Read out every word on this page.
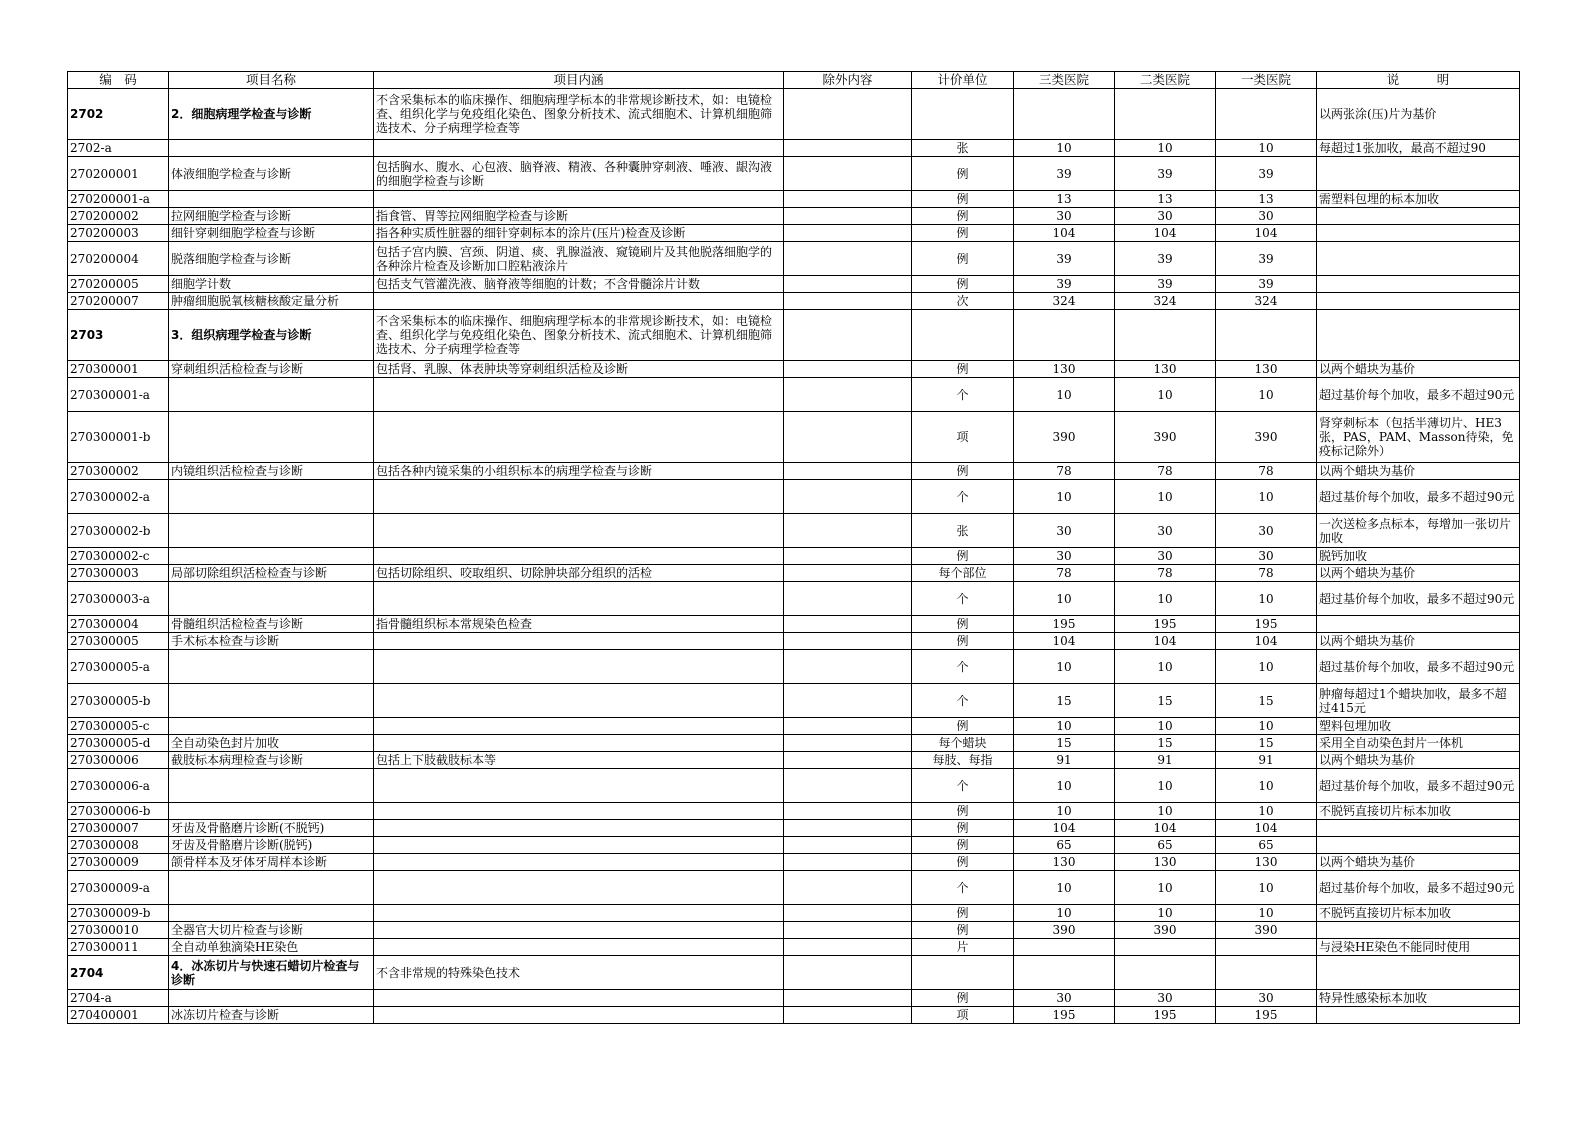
编　码	项目名称	项目内涵	除外内容	计价单位	三类医院	二类医院	一类医院	说　　　明
2702	2．细胞病理学检查与诊断	不含采集标本的临床操作、细胞病理学标本的非常规诊断技术，如：电镜检查、组织化学与免疫组化染色、图象分析技术、流式细胞术、计算机细胞筛选技术、分子病理学检查等						以两张涂(压)片为基价
2702-a				张	10	10	10	每超过1张加收，最高不超过90
270200001	体液细胞学检查与诊断	包括胸水、腹水、心包液、脑脊液、精液、各种囊肿穿刺液、唾液、龈沟液的细胞学检查与诊断		例	39	39	39	
270200001-a				例	13	13	13	需塑料包埋的标本加收
270200002	拉网细胞学检查与诊断	指食管、胃等拉网细胞学检查与诊断		例	30	30	30	
270200003	细针穿刺细胞学检查与诊断	指各种实质性脏器的细针穿刺标本的涂片(压片)检查及诊断		例	104	104	104	
270200004	脱落细胞学检查与诊断	包括子宫内膜、宫颈、阴道、痰、乳腺溢液、窥镜刷片及其他脱落细胞学的各种涂片检查及诊断加口腔粘液涂片		例	39	39	39	
270200005	细胞学计数	包括支气管灌洗液、脑脊液等细胞的计数；不含骨髓涂片计数		例	39	39	39	
270200007	肿瘤细胞脱氧核糖核酸定量分析			次	324	324	324	
2703	3．组织病理学检查与诊断	不含采集标本的临床操作、细胞病理学标本的非常规诊断技术，如：电镜检查、组织化学与免疫组化染色、图象分析技术、流式细胞术、计算机细胞筛选技术、分子病理学检查等						
270300001	穿刺组织活检检查与诊断	包括肾、乳腺、体表肿块等穿刺组织活检及诊断		例	130	130	130	以两个蜡块为基价
270300001-a				个	10	10	10	超过基价每个加收，最多不超过90元
270300001-b				项	390	390	390	肾穿刺标本（包括半薄切片、HE3张，PAS，PAM、Masson待染，免疫标记除外）
270300002	内镜组织活检检查与诊断	包括各种内镜采集的小组织标本的病理学检查与诊断		例	78	78	78	以两个蜡块为基价
270300002-a				个	10	10	10	超过基价每个加收，最多不超过90元
270300002-b				张	30	30	30	一次送检多点标本，每增加一张切片加收
270300002-c				例	30	30	30	脱钙加收
270300003	局部切除组织活检检查与诊断	包括切除组织、咬取组织、切除肿块部分组织的活检		每个部位	78	78	78	以两个蜡块为基价
270300003-a				个	10	10	10	超过基价每个加收，最多不超过90元
270300004	骨髓组织活检检查与诊断	指骨髓组织标本常规染色检查		例	195	195	195	
270300005	手术标本检查与诊断			例	104	104	104	以两个蜡块为基价
270300005-a				个	10	10	10	超过基价每个加收，最多不超过90元
270300005-b				个	15	15	15	肿瘤每超过1个蜡块加收，最多不超过415元
270300005-c				例	10	10	10	塑料包埋加收
270300005-d	全自动染色封片加收			每个蜡块	15	15	15	采用全自动染色封片一体机
270300006	截肢标本病理检查与诊断	包括上下肢截肢标本等		每肢、每指	91	91	91	以两个蜡块为基价
270300006-a				个	10	10	10	超过基价每个加收，最多不超过90元
270300006-b				例	10	10	10	不脱钙直接切片标本加收
270300007	牙齿及骨骼磨片诊断(不脱钙)			例	104	104	104	
270300008	牙齿及骨骼磨片诊断(脱钙)			例	65	65	65	
270300009	颌骨样本及牙体牙周样本诊断			例	130	130	130	以两个蜡块为基价
270300009-a				个	10	10	10	超过基价每个加收，最多不超过90元
270300009-b				例	10	10	10	不脱钙直接切片标本加收
270300010	全器官大切片检查与诊断			例	390	390	390	
270300011	全自动单独滴染HE染色			片				与浸染HE染色不能同时使用
2704	4．冰冻切片与快速石蜡切片检查与诊断	不含非常规的特殊染色技术						
2704-a				例	30	30	30	特异性感染标本加收
270400001	冰冻切片检查与诊断			项	195	195	195	
